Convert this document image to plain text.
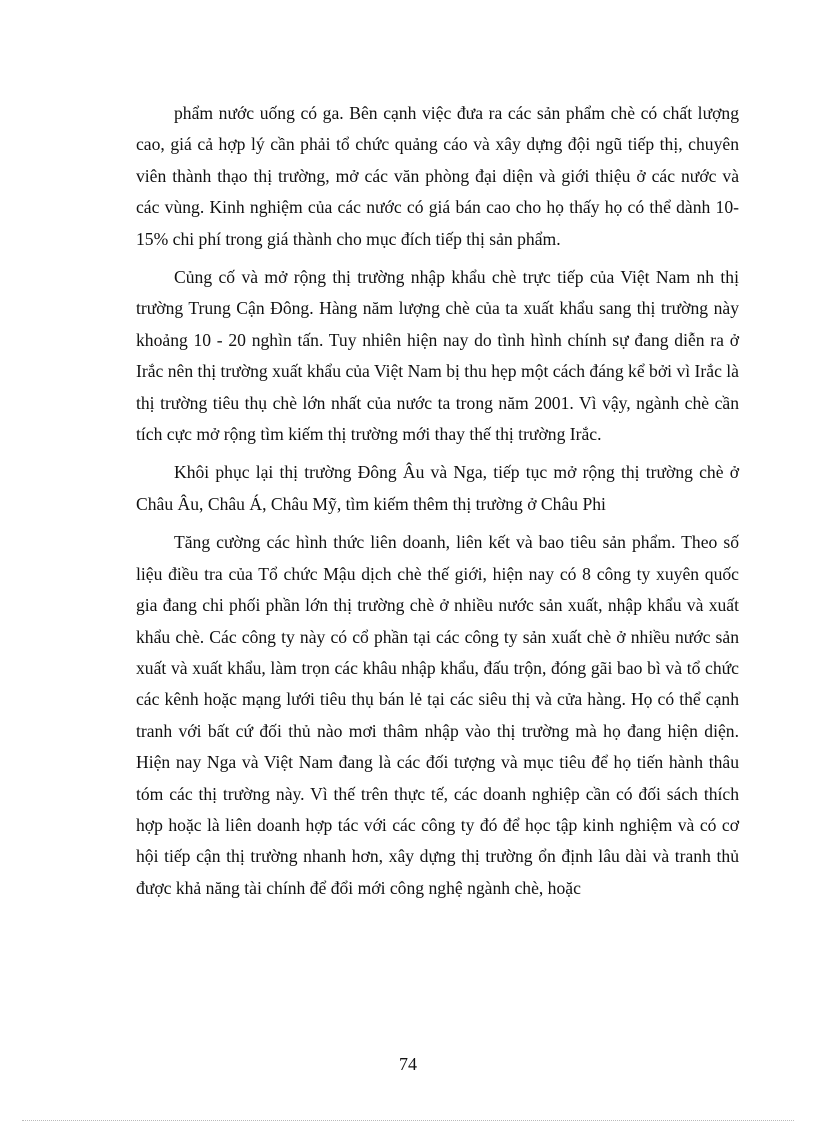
phẩm nước uống có ga. Bên cạnh việc đưa ra các sản phẩm chè có chất lượng cao, giá cả hợp lý cần phải tổ chức quảng cáo và xây dựng đội ngũ tiếp thị, chuyên viên thành thạo thị trường, mở các văn phòng đại diện và giới thiệu ở các nước và các vùng. Kinh nghiệm của các nước có giá bán cao cho họ thấy họ có thể dành 10-15% chi phí trong giá thành cho mục đích tiếp thị sản phẩm.

Củng cố và mở rộng thị trường nhập khẩu chè trực tiếp của Việt Nam nh thị trường Trung Cận Đông. Hàng năm lượng chè của ta xuất khẩu sang thị trường này khoảng 10 - 20 nghìn tấn. Tuy nhiên hiện nay do tình hình chính sự đang diễn ra ở Irắc nên thị trường xuất khẩu của Việt Nam bị thu hẹp một cách đáng kể bởi vì Irắc là thị trường tiêu thụ chè lớn nhất của nước ta trong năm 2001. Vì vậy, ngành chè cần tích cực mở rộng tìm kiếm thị trường mới thay thế thị trường Irắc.

Khôi phục lại thị trường Đông Âu và Nga, tiếp tục mở rộng thị trường chè ở Châu Âu, Châu Á, Châu Mỹ, tìm kiếm thêm thị trường ở Châu Phi

Tăng cường các hình thức liên doanh, liên kết và bao tiêu sản phẩm. Theo số liệu điều tra của Tổ chức Mậu dịch chè thế giới, hiện nay có 8 công ty xuyên quốc gia đang chi phối phần lớn thị trường chè ở nhiều nước sản xuất, nhập khẩu và xuất khẩu chè. Các công ty này có cổ phần tại các công ty sản xuất chè ở nhiều nước sản xuất và xuất khẩu, làm trọn các khâu nhập khẩu, đấu trộn, đóng gãi bao bì và tổ chức các kênh hoặc mạng lưới tiêu thụ bán lẻ tại các siêu thị và cửa hàng. Họ có thể cạnh tranh với bất cứ đối thủ nào mơi thâm nhập vào thị trường mà họ đang hiện diện. Hiện nay Nga và Việt Nam đang là các đối tượng và mục tiêu để họ tiến hành thâu tóm các thị trường này. Vì thế trên thực tế, các doanh nghiệp cần có đối sách thích hợp hoặc là liên doanh hợp tác với các công ty đó để học tập kinh nghiệm và có cơ hội tiếp cận thị trường nhanh hơn, xây dựng thị trường ổn định lâu dài và tranh thủ được khả năng tài chính để đổi mới công nghệ ngành chè, hoặc

74
